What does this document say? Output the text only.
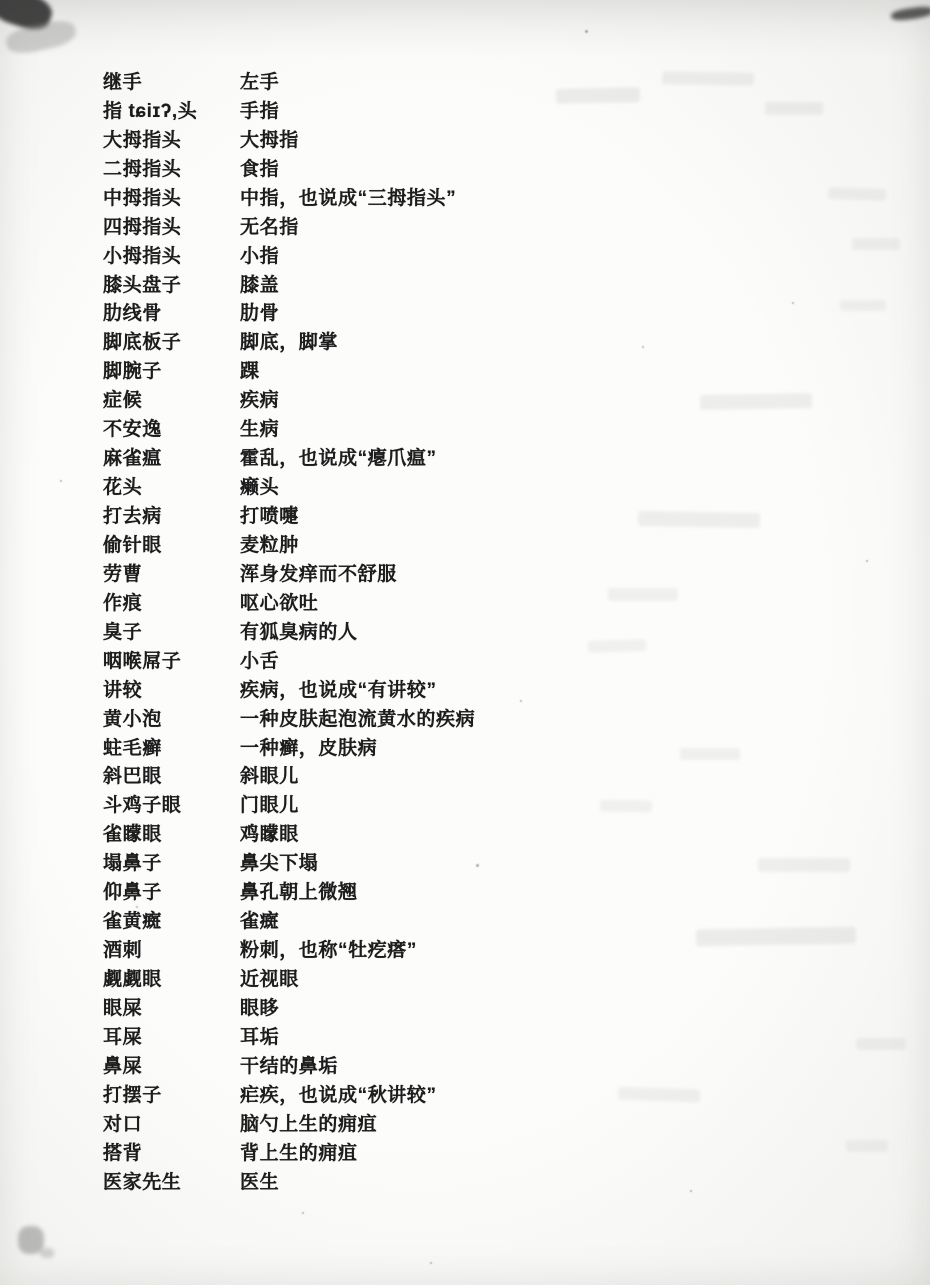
继手	左手
指 tɕiɪʔ,头	手指
大拇指头	大拇指
二拇指头	食指
中拇指头	中指，也说成“三拇指头”
四拇指头	无名指
小拇指头	小指
膝头盘子	膝盖
肋线骨	肋骨
脚底板子	脚底，脚掌
脚腕子	踝
症候	疾病
不安逸	生病
麻雀瘟	霍乱，也说成“瘪爪瘟”
花头	癞头
打去病	打喷嚏
偷针眼	麦粒肿
劳曹	浑身发痒而不舒服
作痕	呕心欲吐
臭子	有狐臭病的人
咽喉屌子	小舌
讲较	疾病，也说成“有讲较”
黄小泡	一种皮肤起泡流黄水的疾病
蛀毛癣	一种癣，皮肤病
斜巴眼	斜眼儿
斗鸡子眼	门眼儿
雀矇眼	鸡矇眼
塌鼻子	鼻尖下塌
仰鼻子	鼻孔朝上微翘
雀黄癍	雀癍
酒刺	粉刺，也称“牡疙瘩”
觑觑眼	近视眼
眼屎	眼眵
耳屎	耳垢
鼻屎	干结的鼻垢
打摆子	疟疾，也说成“秋讲较”
对口	脑勺上生的痈疽
搭背	背上生的痈疽
医家先生	医生
